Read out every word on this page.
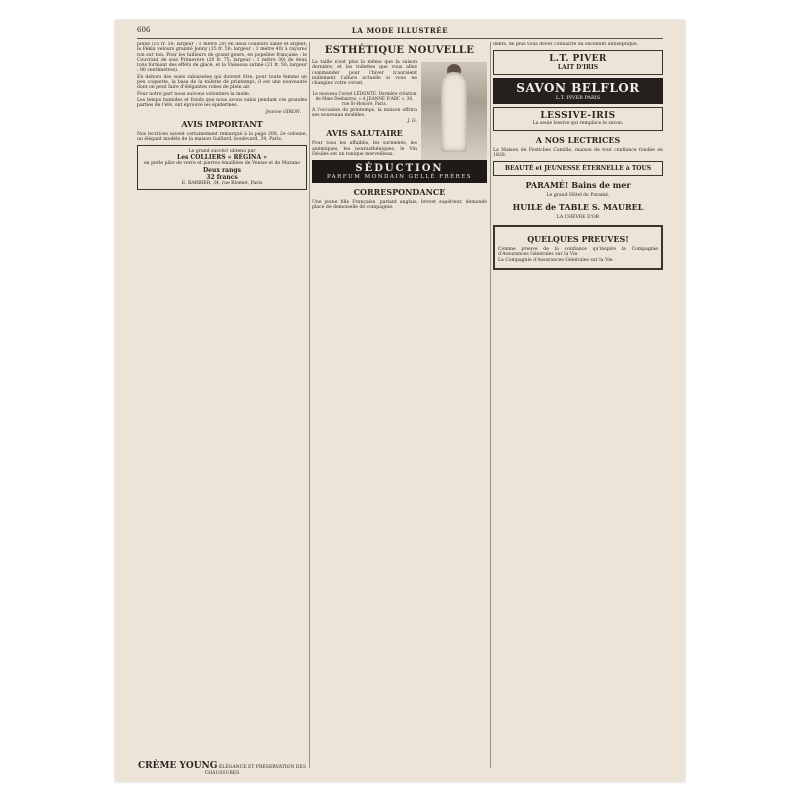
606	LA MODE ILLUSTRÉE

pinne (15 fr. 50; largeur : 1 mètre 20) en deux couleurs sable et argent; le Pékin velours granité Jenny (15 fr. 50; largeur : 1 mètre 40) à rayures ton sur ton. Pour les tailleurs de grand genre, en popeline française : le Couvrant de soie Primevère (20 fr. 75; largeur : 1 mètre 30) de deux tons formant des effets de glacé, et la Vaisseau satiné (21 fr. 50; largeur : 80 centimètres).

En dehors des soies rabaissées qui doivent être, pour toute femme un peu coquette, la base de la toilette de printemps, il est une nouveauté dont on peut faire d'élégantes robes de plein air.

Pour notre part nous suivons volontiers la mode.

Les temps humides et froids que nous avons subis pendant ces grandes parties de l'été, ont éprouvé les épidermes.

Jeanne GIRON.

AVIS IMPORTANT

Nos lectrices savent certainement remarqué à la page 208, 2e colonne, un élégant modèle de la maison Gaillard, boulevard, 39, Paris.

Le grand succès! obtenu par
Les COLLIERS « RÉGINA »
en perle pâte de verre et pierres émaillées de Venise et de Murano
Deux rangs
32 francs
E. BARBIER, 34, rue Blomet, Paris
ESTHÉTIQUE NOUVELLE

La taille n'est plus la même que la saison dernière, et les toilettes que vous allez commander pour l'hiver n'auraient nullement l'allure actuelle si vous ne changiez votre corset.

Le nouveau Corset LÉDONTE. Dernière création de Mme Desbarres. « A JEANNE D'ARC », 30, rue St-Honoré, Paris.

A l'occasion du printemps, la maison offrira ses nouveaux modèles.

J. G.

AVIS SALUTAIRE

Pour tous les affaiblis, les surmenés, les anémiques, les neurasthéniques, le Vin Désiles est un tonique merveilleux.

SÉDUCTION
PARFUM MONDAIN GELLÉ FRÈRES
CORRESPONDANCE

Une jeune fille Française, parlant anglais, brevet supérieur, demande place de demoiselle de compagnie.

dents, de plus vous devez connaître un excellent antiseptique.

L.T. PIVER
LAIT D'IRIS
SAVON BELFLOR
L.T. PIVER PARIS
LESSIVE-IRIS
La seule lessive qui remplace le savon.
A NOS LECTRICES

La Maison de Postiches Camille, maison de tout confiance fondée en 1820.

BEAUTÉ et JEUNESSE ÉTERNELLE à TOUS
PARAMÉ! Bains de mer

Le grand Hôtel de Paramé.

HUILE de TABLE S. MAUREL

LA CHÈVRE D'OR

QUELQUES PREUVES!

Comme preuve de la confiance qu'inspire la Compagnie d'Assurances Générales sur la Vie.

La Compagnie d'Assurances Générales sur la Vie.

CRÈME YOUNG ÉLÉGANCE ET PRÉSERVATION DES CHAUSSURES
